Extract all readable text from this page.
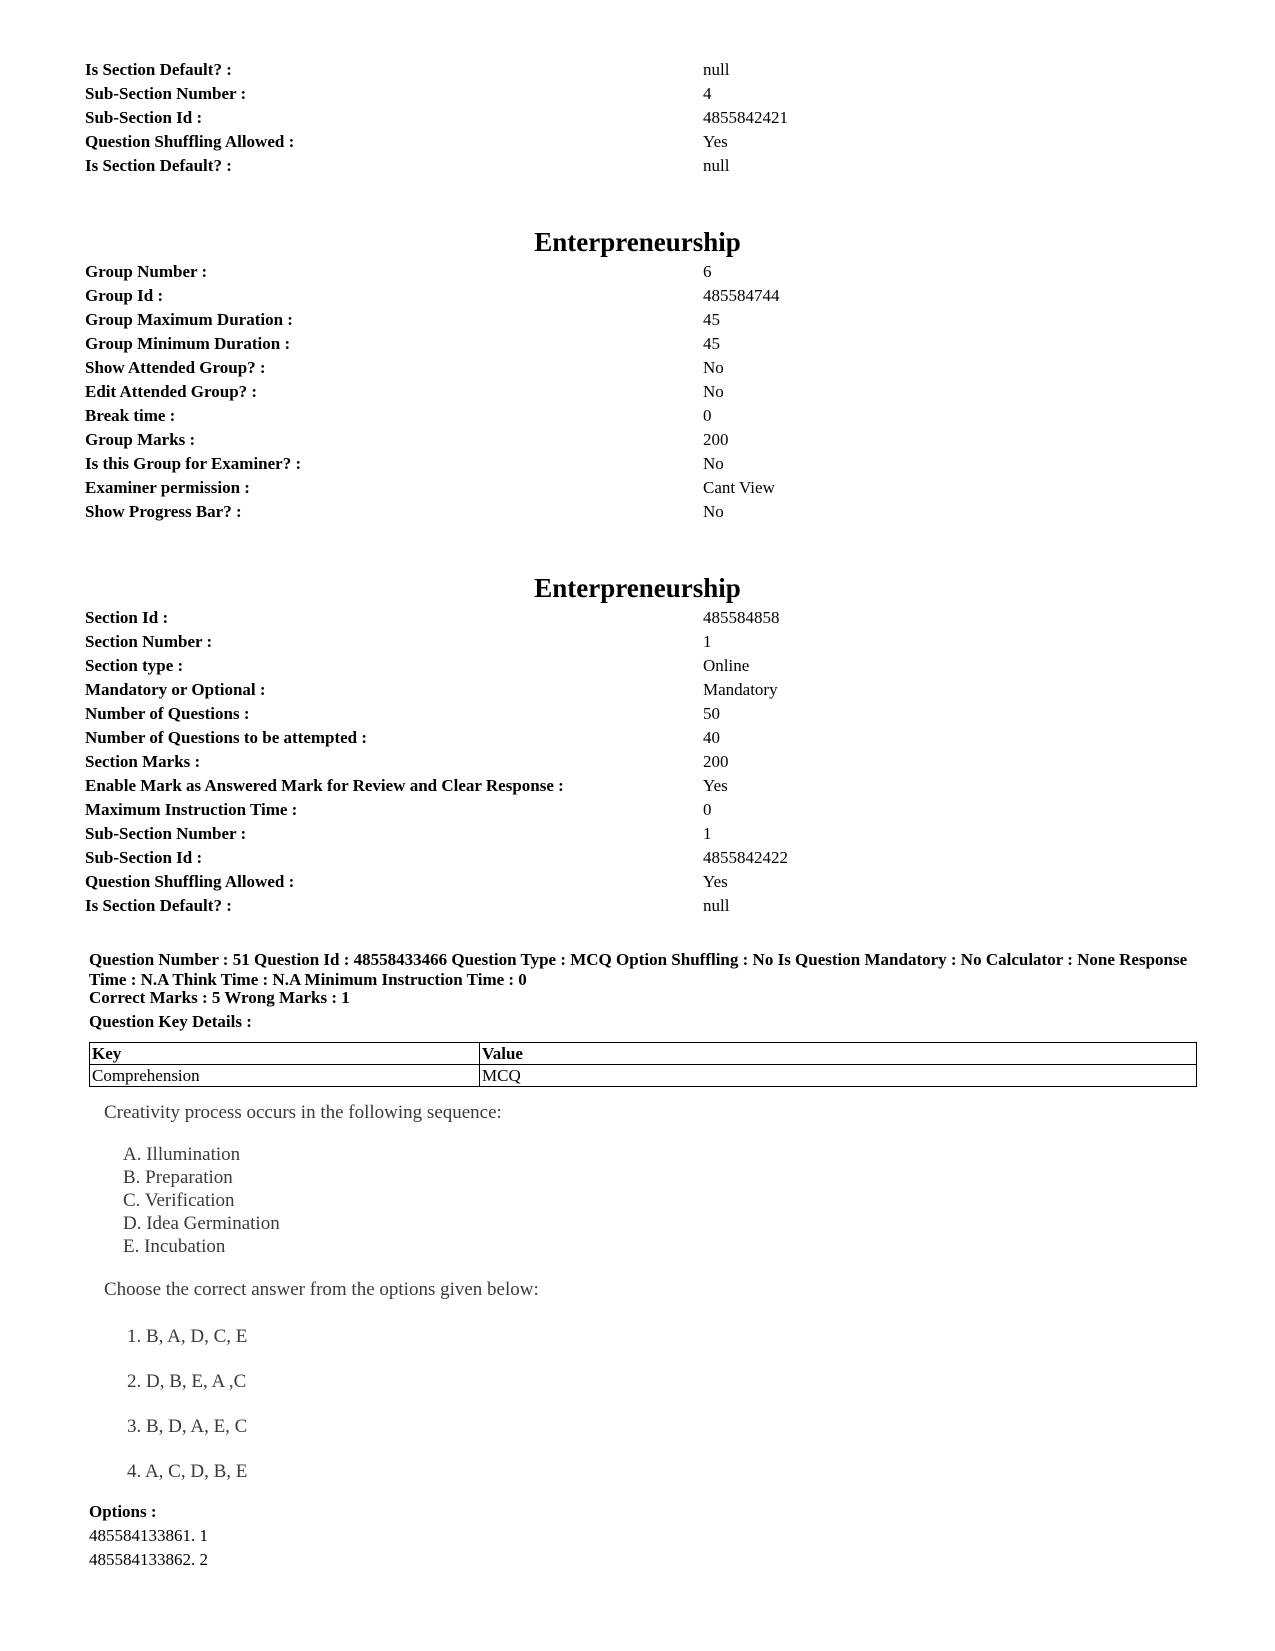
Is Section Default? :	null
Sub-Section Number :	4
Sub-Section Id :	4855842421
Question Shuffling Allowed :	Yes
Is Section Default? :	null
Enterpreneurship
Group Number :	6
Group Id :	485584744
Group Maximum Duration :	45
Group Minimum Duration :	45
Show Attended Group? :	No
Edit Attended Group? :	No
Break time :	0
Group Marks :	200
Is this Group for Examiner? :	No
Examiner permission :	Cant View
Show Progress Bar? :	No
Enterpreneurship
Section Id :	485584858
Section Number :	1
Section type :	Online
Mandatory or Optional :	Mandatory
Number of Questions :	50
Number of Questions to be attempted :	40
Section Marks :	200
Enable Mark as Answered Mark for Review and Clear Response :	Yes
Maximum Instruction Time :	0
Sub-Section Number :	1
Sub-Section Id :	4855842422
Question Shuffling Allowed :	Yes
Is Section Default? :	null
Question Number : 51 Question Id : 48558433466 Question Type : MCQ Option Shuffling : No Is Question Mandatory : No Calculator : None Response Time : N.A Think Time : N.A Minimum Instruction Time : 0
Correct Marks : 5 Wrong Marks : 1
Question Key Details :
Key	Value
Comprehension	MCQ
Creativity process occurs in the following sequence:
A. Illumination
B. Preparation
C. Verification
D. Idea Germination
E. Incubation
Choose the correct answer from the options given below:
1. B, A, D, C, E
2. D, B, E, A ,C
3. B, D, A, E, C
4. A, C, D, B, E
Options :
485584133861. 1
485584133862. 2
